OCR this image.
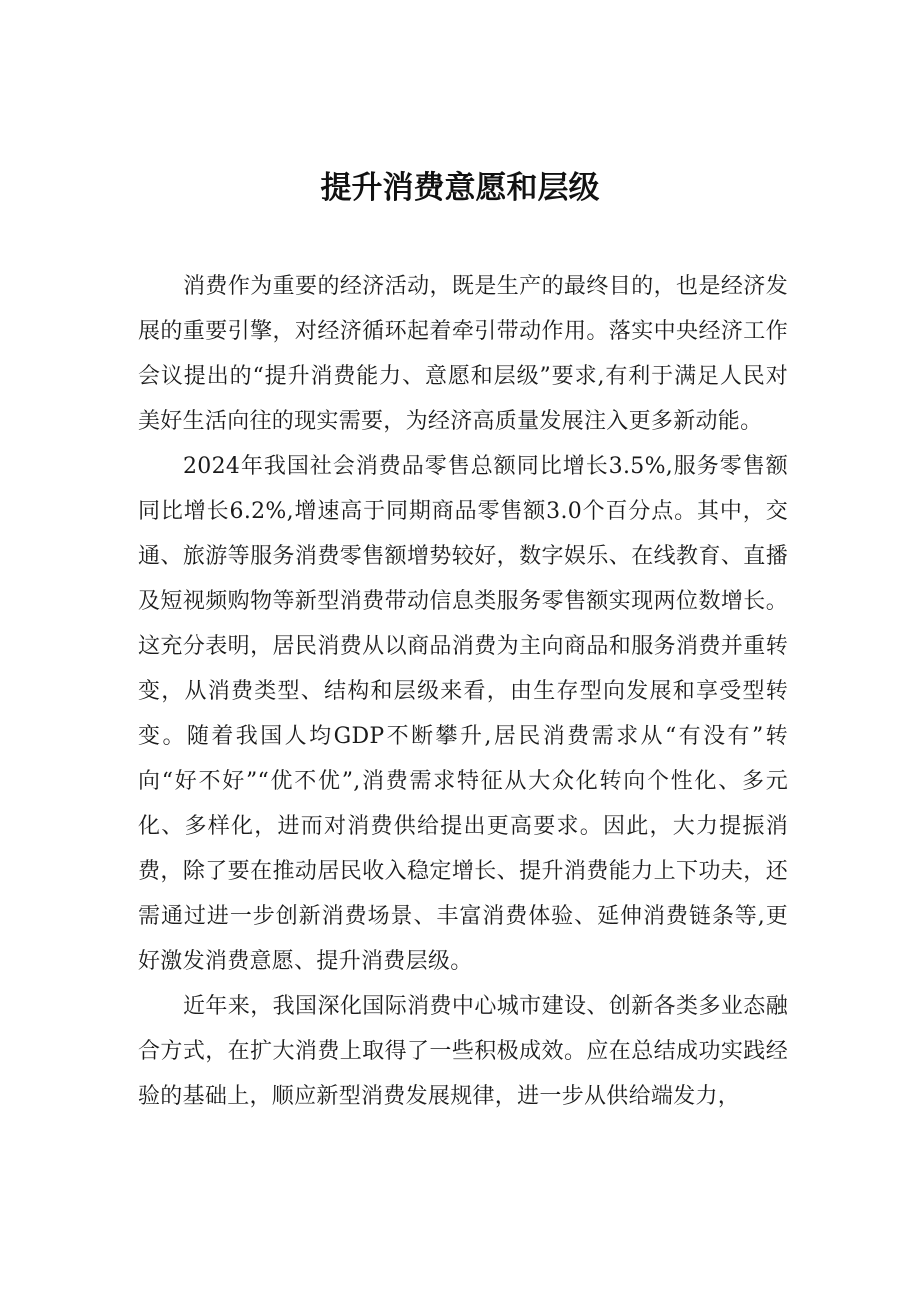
提升消费意愿和层级

消费作为重要的经济活动，既是生产的最终目的，也是经济发展的重要引擎，对经济循环起着牵引带动作用。落实中央经济工作会议提出的“提升消费能力、意愿和层级”要求,有利于满足人民对美好生活向往的现实需要，为经济高质量发展注入更多新动能。

2024年我国社会消费品零售总额同比增长3.5%,服务零售额同比增长6.2%,增速高于同期商品零售额3.0个百分点。其中，交通、旅游等服务消费零售额增势较好，数字娱乐、在线教育、直播及短视频购物等新型消费带动信息类服务零售额实现两位数增长。这充分表明，居民消费从以商品消费为主向商品和服务消费并重转变，从消费类型、结构和层级来看，由生存型向发展和享受型转变。随着我国人均GDP不断攀升,居民消费需求从“有没有”转向“好不好”“优不优”,消费需求特征从大众化转向个性化、多元化、多样化，进而对消费供给提出更高要求。因此，大力提振消费，除了要在推动居民收入稳定增长、提升消费能力上下功夫，还需通过进一步创新消费场景、丰富消费体验、延伸消费链条等,更好激发消费意愿、提升消费层级。

近年来，我国深化国际消费中心城市建设、创新各类多业态融合方式，在扩大消费上取得了一些积极成效。应在总结成功实践经验的基础上，顺应新型消费发展规律，进一步从供给端发力，
